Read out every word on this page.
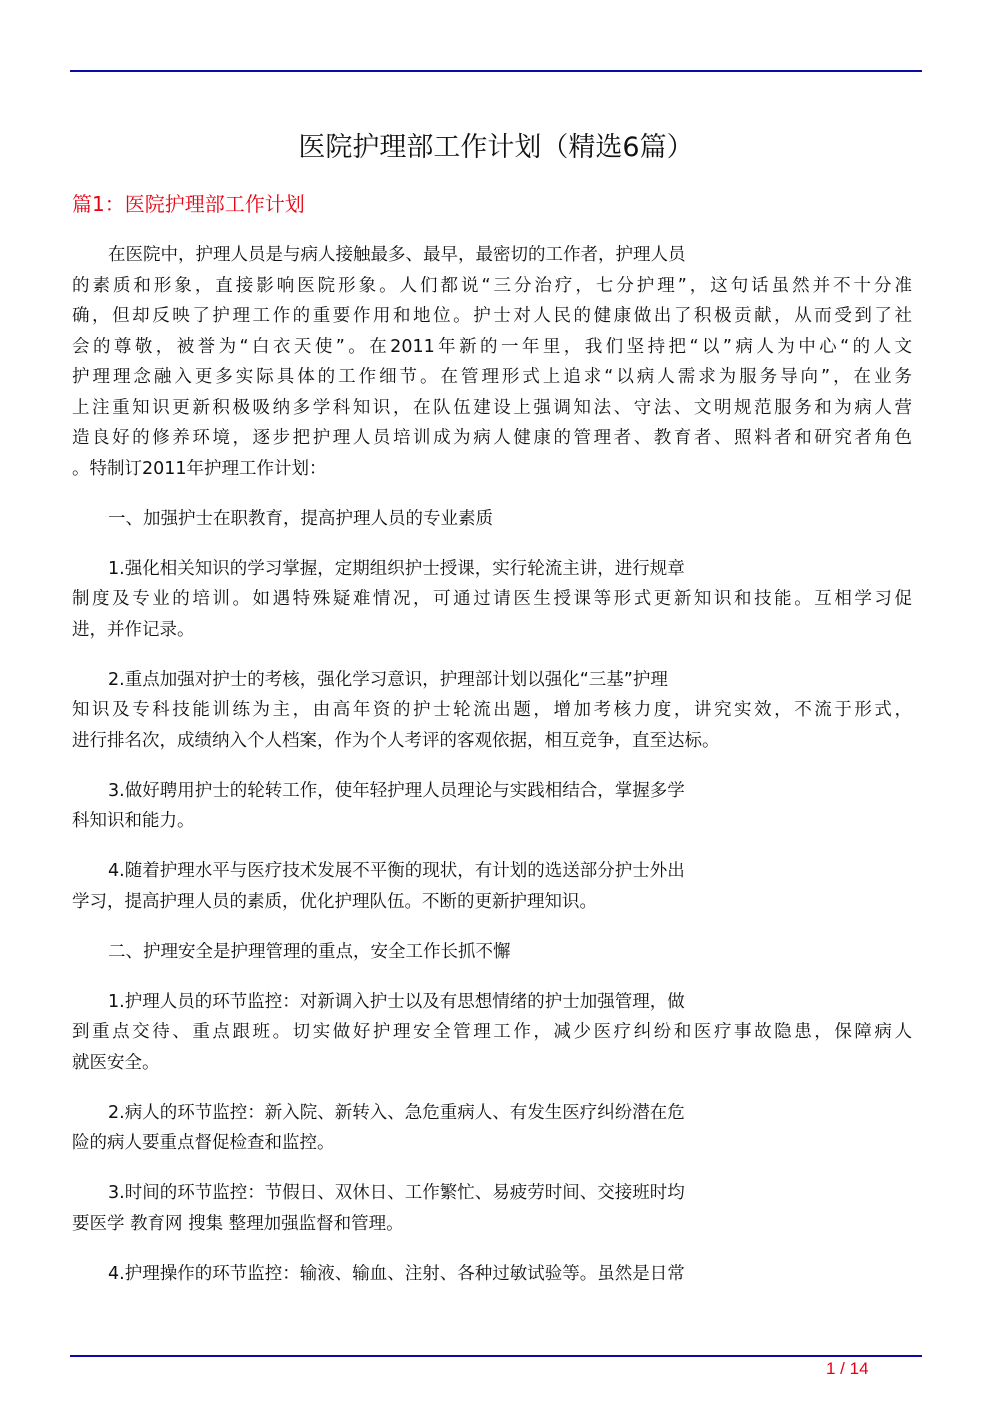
医院护理部工作计划（精选6篇）
篇1：医院护理部工作计划
在医院中，护理人员是与病人接触最多、最早，最密切的工作者，护理人员
的素质和形象，直接影响医院形象。人们都说“三分治疗，七分护理”，这句话虽然并不十分准
确，但却反映了护理工作的重要作用和地位。护士对人民的健康做出了积极贡献，从而受到了社
会的尊敬，被誉为“白衣天使”。在2011年新的一年里，我们坚持把“以”病人为中心“的人文
护理理念融入更多实际具体的工作细节。在管理形式上追求“以病人需求为服务导向”，在业务
上注重知识更新积极吸纳多学科知识，在队伍建设上强调知法、守法、文明规范服务和为病人营
造良好的修养环境，逐步把护理人员培训成为病人健康的管理者、教育者、照料者和研究者角色
。特制订2011年护理工作计划：
一、加强护士在职教育，提高护理人员的专业素质
1.强化相关知识的学习掌握，定期组织护士授课，实行轮流主讲，进行规章
制度及专业的培训。如遇特殊疑难情况，可通过请医生授课等形式更新知识和技能。互相学习促
进，并作记录。
2.重点加强对护士的考核，强化学习意识，护理部计划以强化“三基”护理
知识及专科技能训练为主，由高年资的护士轮流出题，增加考核力度，讲究实效，不流于形式，
进行排名次，成绩纳入个人档案，作为个人考评的客观依据，相互竞争，直至达标。
3.做好聘用护士的轮转工作，使年轻护理人员理论与实践相结合，掌握多学
科知识和能力。
4.随着护理水平与医疗技术发展不平衡的现状，有计划的选送部分护士外出
学习，提高护理人员的素质，优化护理队伍。不断的更新护理知识。
二、护理安全是护理管理的重点，安全工作长抓不懈
1.护理人员的环节监控：对新调入护士以及有思想情绪的护士加强管理，做
到重点交待、重点跟班。切实做好护理安全管理工作，减少医疗纠纷和医疗事故隐患，保障病人
就医安全。
2.病人的环节监控：新入院、新转入、急危重病人、有发生医疗纠纷潜在危
险的病人要重点督促检查和监控。
3.时间的环节监控：节假日、双休日、工作繁忙、易疲劳时间、交接班时均
要医学 教育网 搜集 整理加强监督和管理。
4.护理操作的环节监控：输液、输血、注射、各种过敏试验等。虽然是日常
1 / 14
